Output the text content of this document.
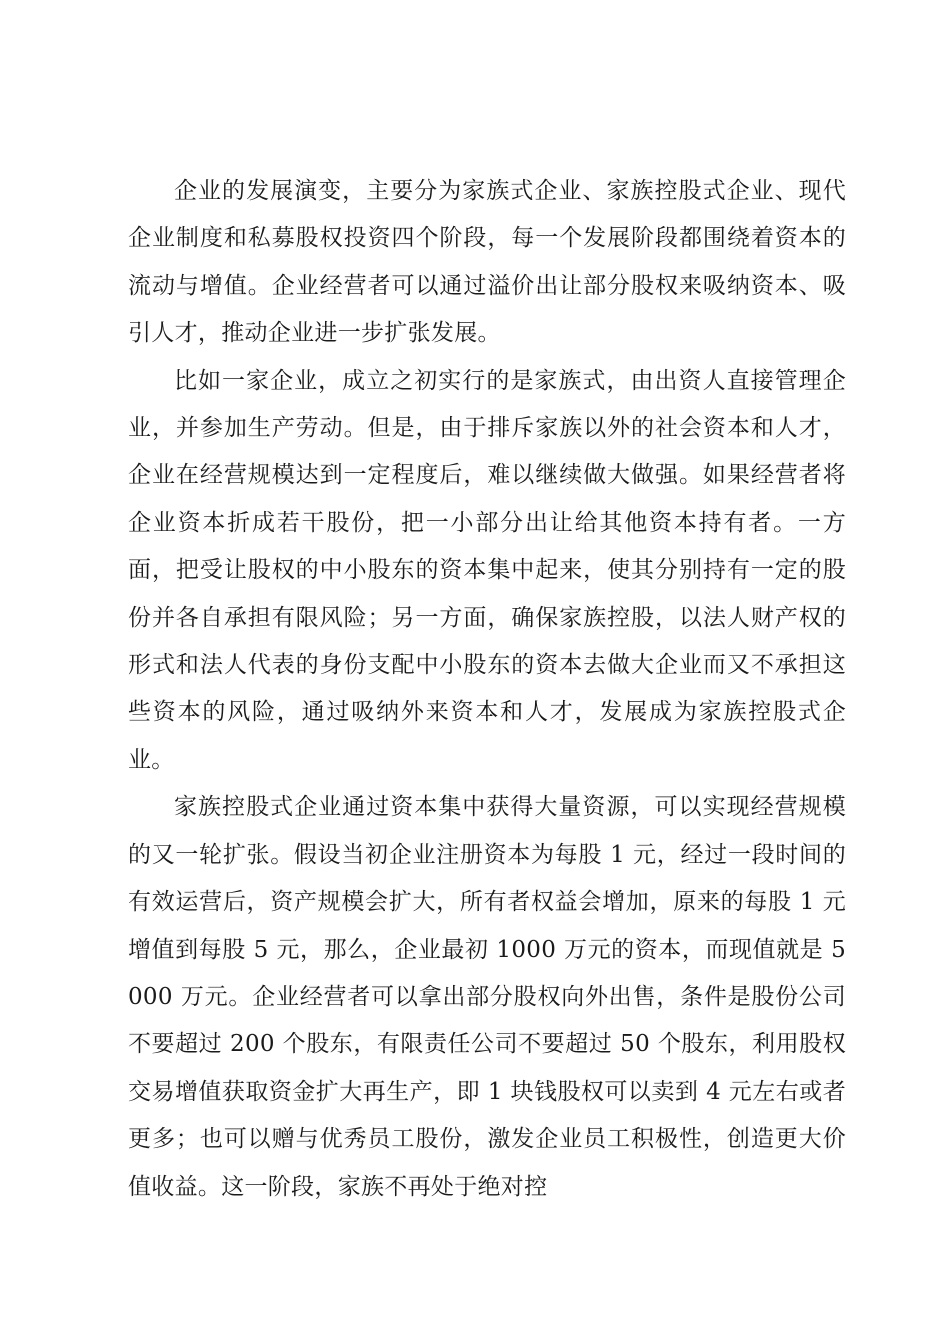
企业的发展演变，主要分为家族式企业、家族控股式企业、现代企业制度和私募股权投资四个阶段，每一个发展阶段都围绕着资本的流动与增值。企业经营者可以通过溢价出让部分股权来吸纳资本、吸引人才，推动企业进一步扩张发展。

比如一家企业，成立之初实行的是家族式，由出资人直接管理企业，并参加生产劳动。但是，由于排斥家族以外的社会资本和人才，企业在经营规模达到一定程度后，难以继续做大做强。如果经营者将企业资本折成若干股份，把一小部分出让给其他资本持有者。一方面，把受让股权的中小股东的资本集中起来，使其分别持有一定的股份并各自承担有限风险；另一方面，确保家族控股，以法人财产权的形式和法人代表的身份支配中小股东的资本去做大企业而又不承担这些资本的风险，通过吸纳外来资本和人才，发展成为家族控股式企业。

家族控股式企业通过资本集中获得大量资源，可以实现经营规模的又一轮扩张。假设当初企业注册资本为每股 1 元，经过一段时间的有效运营后，资产规模会扩大，所有者权益会增加，原来的每股 1 元增值到每股 5 元，那么，企业最初 1000 万元的资本，而现值就是 5000 万元。企业经营者可以拿出部分股权向外出售，条件是股份公司不要超过 200 个股东，有限责任公司不要超过 50 个股东，利用股权交易增值获取资金扩大再生产，即 1 块钱股权可以卖到 4 元左右或者更多；也可以赠与优秀员工股份，激发企业员工积极性，创造更大价值收益。这一阶段，家族不再处于绝对控
